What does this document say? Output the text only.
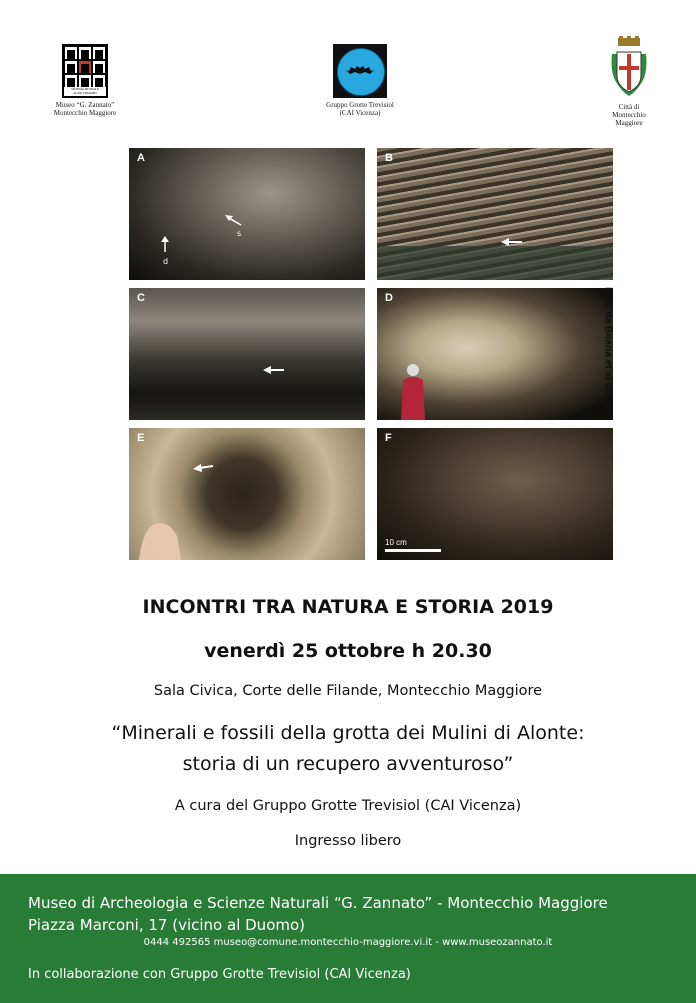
SISTEMA MUSEALE
AGNO CHIAMPO
Museo “G. Zannato”
Montecchio Maggiore
Gruppo Grotte Trevisiol
(CAI Vicenza)
Città di
Montecchio
Maggiore
A
s
d
B
C	D
E	F
10 cm
Foto da Boaria et al 2018
INCONTRI TRA NATURA E STORIA 2019
venerdì 25 ottobre h 20.30
Sala Civica, Corte delle Filande, Montecchio Maggiore
“Minerali e fossili della grotta dei Mulini di Alonte:
storia di un recupero avventuroso”
A cura del Gruppo Grotte Trevisiol (CAI Vicenza)
Ingresso libero
Museo di Archeologia e Scienze Naturali “G. Zannato” - Montecchio Maggiore
Piazza Marconi, 17 (vicino al Duomo)
0444 492565 museo@comune.montecchio-maggiore.vi.it - www.museozannato.it
In collaborazione con Gruppo Grotte Trevisiol (CAI Vicenza)
